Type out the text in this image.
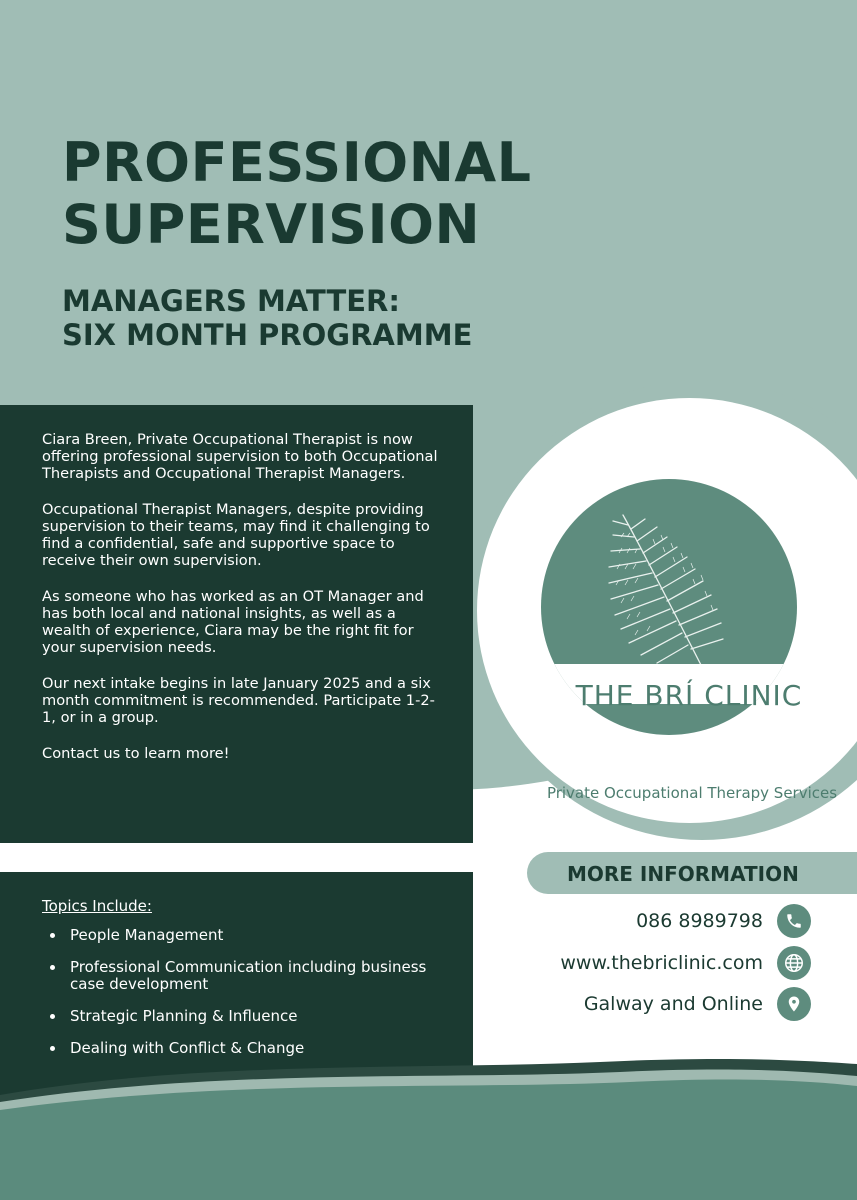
PROFESSIONAL
SUPERVISION
MANAGERS MATTER:
SIX MONTH PROGRAMME

THE BRÍ CLINIC

Private Occupational Therapy Services

Ciara Breen, Private Occupational Therapist is now offering professional supervision to both Occupational Therapists and Occupational Therapist Managers.

Occupational Therapist Managers, despite providing supervision to their teams, may find it challenging to find a confidential, safe and supportive space to receive their own supervision.

As someone who has worked as an OT Manager and has both local and national insights, as well as a wealth of experience, Ciara may be the right fit for your supervision needs.

Our next intake begins in late January 2025 and a six month commitment is recommended. Participate 1-2-1, or in a group.

Contact us to learn more!

MORE INFORMATION

086 8989798
www.thebriclinic.com
Galway and Online

Topics Include:

People Management
Professional Communication including business case development
Strategic Planning & Influence
Dealing with Conflict & Change
